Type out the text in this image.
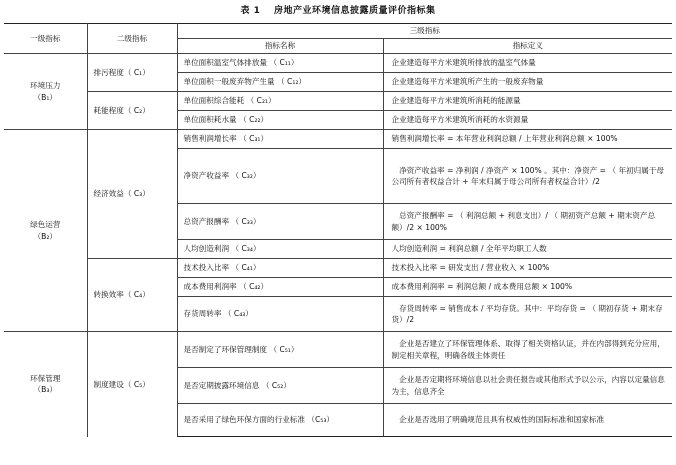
表 1 房地产业环境信息披露质量评价指标集
一级指标	二级指标	三级指标	
		指标名称	指标定义

环境压力
（B₁）	排污程度（ C₁）	单位面积温室气体排放量 （ C₁₁）	企业建造每平方米建筑所排放的温室气体量
		单位面积一般废弃物产生量 （ C₁₂）	企业建造每平方米建筑所产生的一般废弃物量
	耗能程度（ C₂）	单位面积综合能耗 （ C₂₁）	企业建造每平方米建筑所消耗的能源量
		单位面积耗水量 （ C₂₂）	企业建造每平方米建筑所消耗的水资源量

绿色运营
（B₂）	经济效益（ C₃）	销售利润增长率 （ C₃₁）	销售利润增长率 = 本年营业利润总额 / 上年营业利润总额 × 100%
		净资产收益率 （ C₃₂）	净资产收益率 = 净利润 / 净资产 × 100% 。其中：净资产 = （ 年初归属于母公司所有者权益合计 + 年末归属于母公司所有者权益合计）/2
		总资产报酬率 （ C₃₃）	总资产报酬率 = （ 利润总额 + 利息支出）/ （ 期初资产总额 + 期末资产总额）/2 × 100%
		人均创造利润 （ C₃₄）	人均创造利润 = 利润总额 / 全年平均职工人数
	转换效率（ C₄）	技术投入比率 （ C₄₁）	技术投入比率 = 研发支出 / 营业收入 × 100%
		成本费用利润率 （ C₄₂）	成本费用利润率 = 利润总额 / 成本费用总额 × 100%
		存货周转率 （ C₄₃）	存货周转率 = 销售成本 / 平均存货。其中：平均存货 = （ 期初存货 + 期末存货）/2

环保管理
（B₃）	制度建设（ C₅）	是否制定了环保管理制度 （ C₅₁）	企业是否建立了环保管理体系、取得了相关资格认证，并在内部得到充分应用，制定相关章程，明确各级主体责任
		是否定期披露环境信息 （ C₅₂）	企业是否定期将环境信息以社会责任报告或其他形式予以公示，内容以定量信息为主，信息齐全
		是否采用了绿色环保方面的行业标准 （C₅₃）	企业是否选用了明确规范且具有权威性的国际标准和国家标准
